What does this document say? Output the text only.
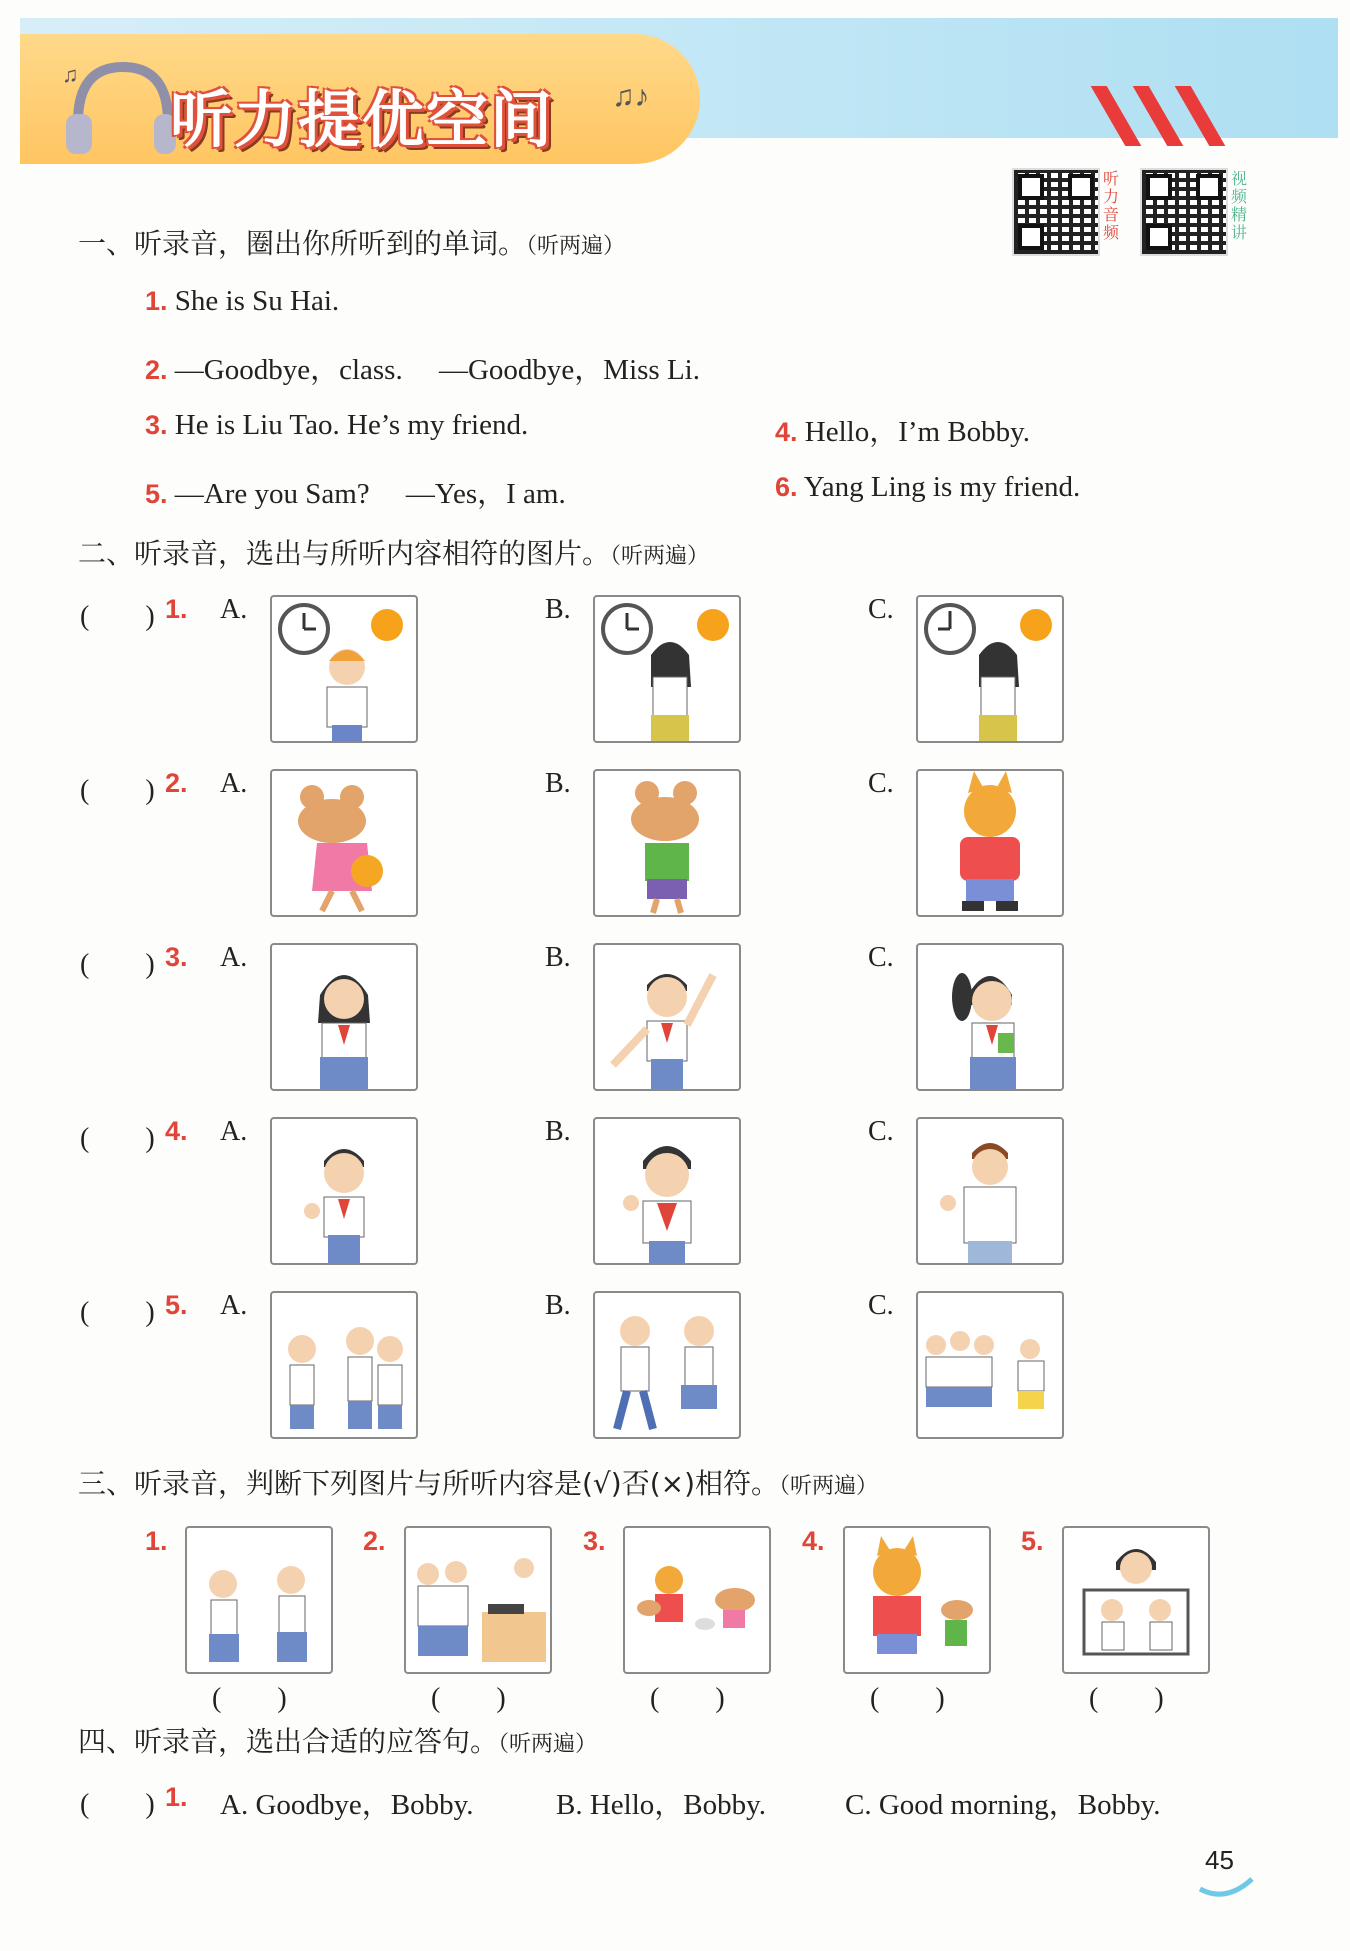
♫
听力提优空间 ♫♪
听力音频
视频精讲
一、听录音，圈出你所听到的单词。（听两遍）
1. She is Su Hai.
2. —Goodbye，class.　 —Goodbye，Miss Li.
3. He is Liu Tao. He’s my friend.	4. Hello，I’m Bobby.
5. —Are you Sam?　 —Yes，I am.	6. Yang Ling is my friend.
二、听录音，选出与所听内容相符的图片。（听两遍）
(　　) 1. A.	B.	C.
(　　) 2. A.	B.	C.
(　　) 3. A.	B.	C.
(　　) 4. A.	B.	C.
(　　) 5. A.	B.	C.
三、听录音，判断下列图片与所听内容是(√)否(×)相符。（听两遍）
1.	2.	3.	4.	5.
(　　)	(　　)	(　　)	(　　)	(　　)
四、听录音，选出合适的应答句。（听两遍）
(　　) 1. A. Goodbye，Bobby.	B. Hello，Bobby.	C. Good morning，Bobby.
45
